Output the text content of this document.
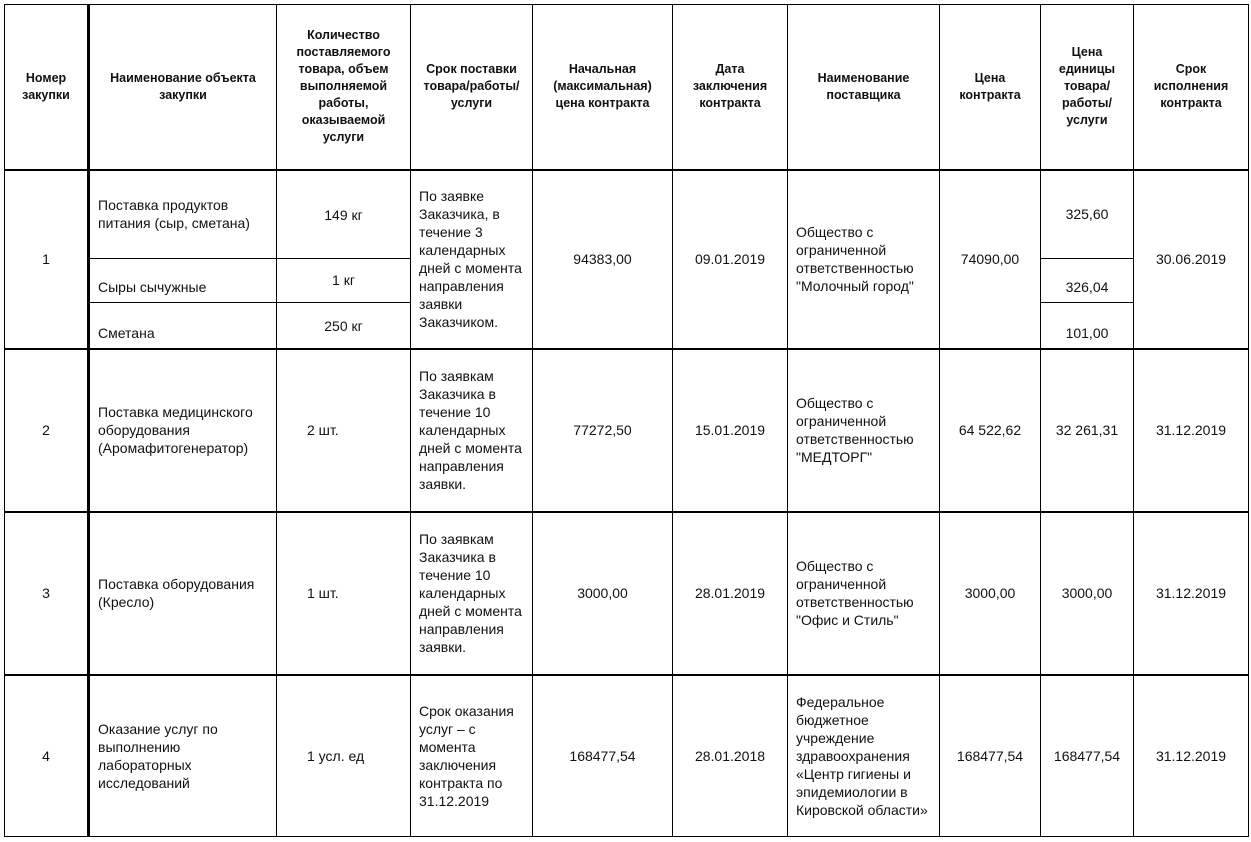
Номер закупки	Наименование объекта закупки	Количество поставляемого товара, объем выполняемой работы, оказываемой услуги	Срок поставки товара/работы/ услуги	Начальная (максимальная) цена контракта	Дата заключения контракта	Наименование поставщика	Цена контракта	Цена единицы товара/ работы/ услуги	Срок исполнения контракта
1	Поставка продуктов питания (сыр, сметана)	149 кг	По заявке Заказчика, в течение 3 календарных дней с момента направления заявки Заказчиком.	94383,00	09.01.2019	Общество с ограниченной ответственностью "Молочный город"	74090,00	325,60	30.06.2019
	Сыры сычужные	1 кг						326,04	
	Сметана	250 кг						101,00	
2	Поставка медицинского оборудования (Аромафитогенератор)	2 шт.	По заявкам Заказчика в течение 10 календарных дней с момента направления заявки.	77272,50	15.01.2019	Общество с ограниченной ответственностью "МЕДТОРГ"	64 522,62	32 261,31	31.12.2019
3	Поставка оборудования (Кресло)	1 шт.	По заявкам Заказчика в течение 10 календарных дней с момента направления заявки.	3000,00	28.01.2019	Общество с ограниченной ответственностью "Офис и Стиль"	3000,00	3000,00	31.12.2019
4	Оказание услуг по выполнению лабораторных исследований	1 усл. ед	Срок оказания услуг – с момента заключения контракта по 31.12.2019	168477,54	28.01.2018	Федеральное бюджетное учреждение здравоохранения «Центр гигиены и эпидемиологии в Кировской области»	168477,54	168477,54	31.12.2019
